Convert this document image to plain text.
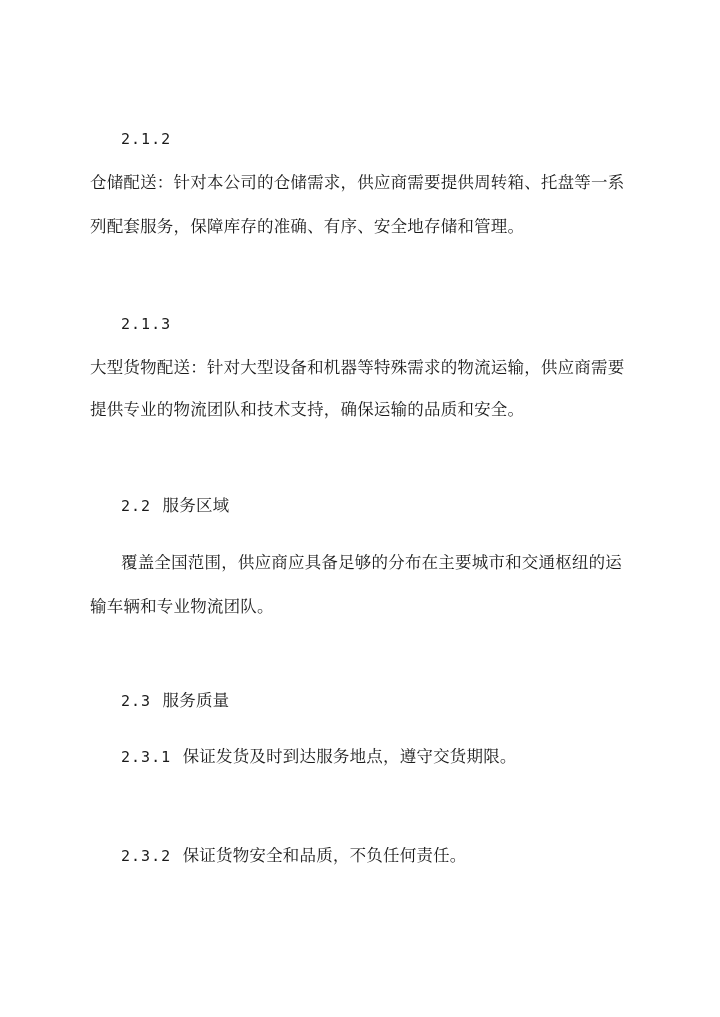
2.1.2
仓储配送：针对本公司的仓储需求，供应商需要提供周转箱、托盘等一系
列配套服务，保障库存的准确、有序、安全地存储和管理。
2.1.3
大型货物配送：针对大型设备和机器等特殊需求的物流运输，供应商需要
提供专业的物流团队和技术支持，确保运输的品质和安全。
2.2 服务区域
覆盖全国范围，供应商应具备足够的分布在主要城市和交通枢纽的运
输车辆和专业物流团队。
2.3 服务质量
2.3.1 保证发货及时到达服务地点，遵守交货期限。
2.3.2 保证货物安全和品质，不负任何责任。
